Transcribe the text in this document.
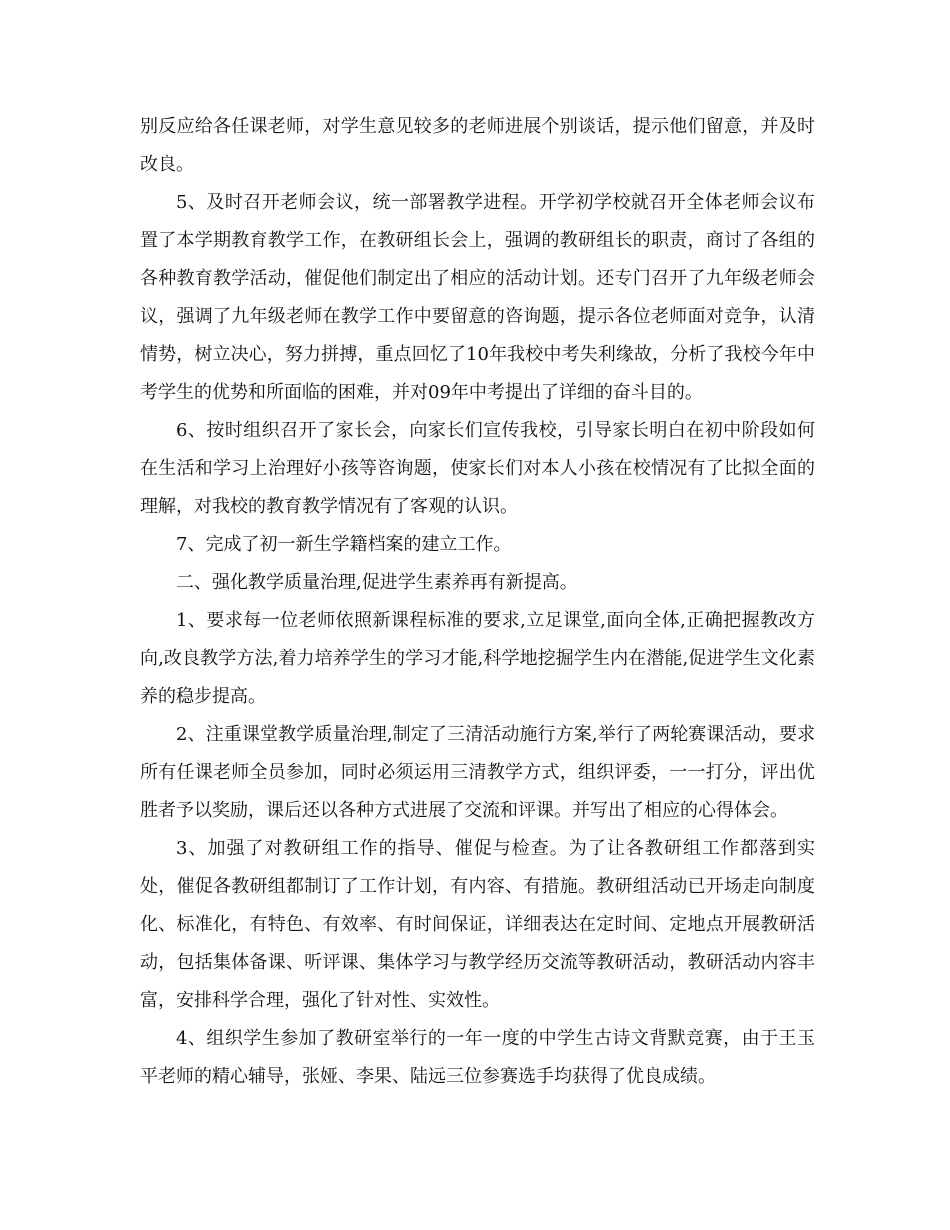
别反应给各任课老师，对学生意见较多的老师进展个别谈话，提示他们留意，并及时改良。

5、及时召开老师会议，统一部署教学进程。开学初学校就召开全体老师会议布置了本学期教育教学工作，在教研组长会上，强调的教研组长的职责，商讨了各组的各种教育教学活动，催促他们制定出了相应的活动计划。还专门召开了九年级老师会议，强调了九年级老师在教学工作中要留意的咨询题，提示各位老师面对竞争，认清情势，树立决心，努力拼搏，重点回忆了10年我校中考失利缘故，分析了我校今年中考学生的优势和所面临的困难，并对09年中考提出了详细的奋斗目的。

6、按时组织召开了家长会，向家长们宣传我校，引导家长明白在初中阶段如何在生活和学习上治理好小孩等咨询题，使家长们对本人小孩在校情况有了比拟全面的理解，对我校的教育教学情况有了客观的认识。

7、完成了初一新生学籍档案的建立工作。

二、强化教学质量治理,促进学生素养再有新提高。

1、要求每一位老师依照新课程标准的要求,立足课堂,面向全体,正确把握教改方向,改良教学方法,着力培养学生的学习才能,科学地挖掘学生内在潜能,促进学生文化素养的稳步提高。

2、注重课堂教学质量治理,制定了三清活动施行方案,举行了两轮赛课活动，要求所有任课老师全员参加，同时必须运用三清教学方式，组织评委，一一打分，评出优胜者予以奖励，课后还以各种方式进展了交流和评课。并写出了相应的心得体会。

3、加强了对教研组工作的指导、催促与检查。为了让各教研组工作都落到实处，催促各教研组都制订了工作计划，有内容、有措施。教研组活动已开场走向制度化、标准化，有特色、有效率、有时间保证，详细表达在定时间、定地点开展教研活动，包括集体备课、听评课、集体学习与教学经历交流等教研活动，教研活动内容丰富，安排科学合理，强化了针对性、实效性。

4、组织学生参加了教研室举行的一年一度的中学生古诗文背默竞赛，由于王玉平老师的精心辅导，张娅、李果、陆远三位参赛选手均获得了优良成绩。
